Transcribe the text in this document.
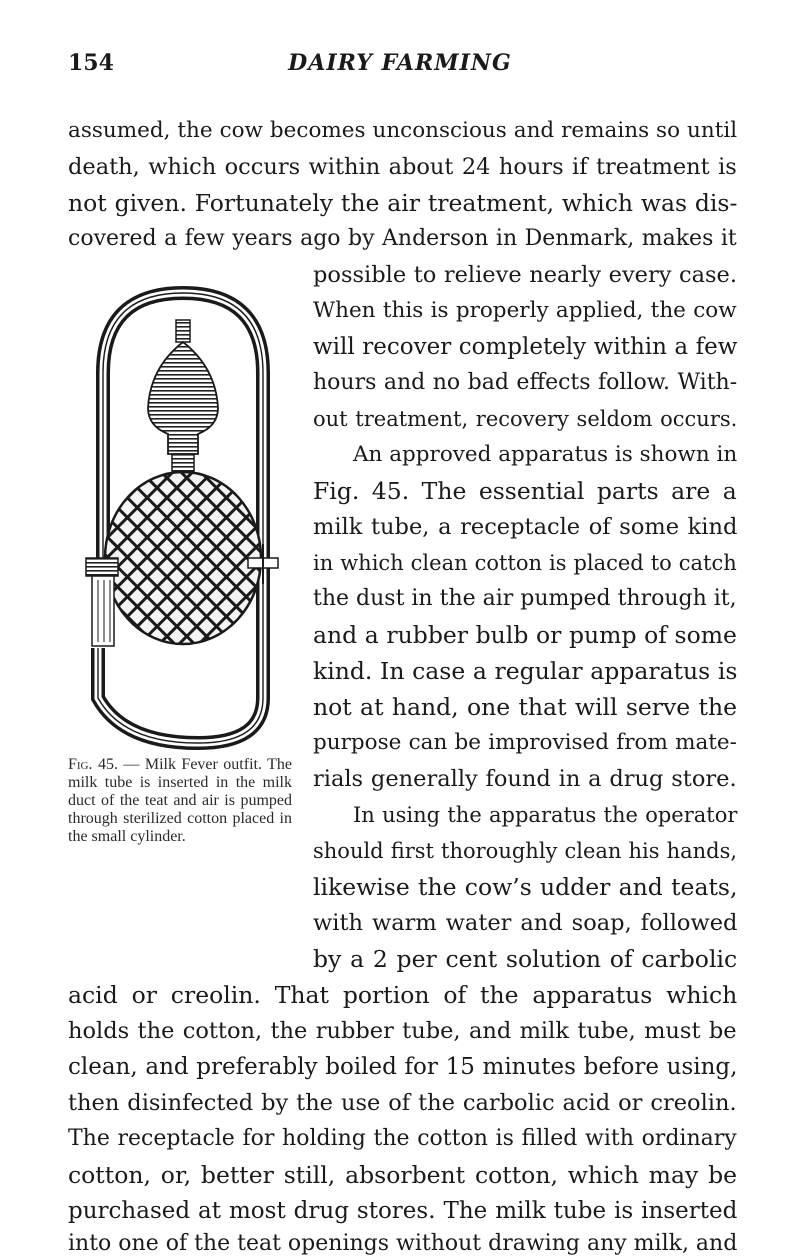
154	DAIRY FARMING

assumed, the cow becomes unconscious and remains so until

death, which occurs within about 24 hours if treatment is

not given. Fortunately the air treatment, which was dis-

covered a few years ago by Anderson in Denmark, makes it

Fig. 45. — Milk Fever outfit. The milk tube is inserted in the milk duct of the teat and air is pumped through sterilized cotton placed in the small cylinder.

possible to relieve nearly every case.

When this is properly applied, the cow

will recover completely within a few

hours and no bad effects follow. With-

out treatment, recovery seldom occurs.

An approved apparatus is shown in

Fig. 45. The essential parts are a

milk tube, a receptacle of some kind

in which clean cotton is placed to catch

the dust in the air pumped through it,

and a rubber bulb or pump of some

kind. In case a regular apparatus is

not at hand, one that will serve the

purpose can be improvised from mate-

rials generally found in a drug store.

In using the apparatus the operator

should first thoroughly clean his hands,

likewise the cow’s udder and teats,

with warm water and soap, followed

by a 2 per cent solution of carbolic

acid or creolin. That portion of the apparatus which

holds the cotton, the rubber tube, and milk tube, must be

clean, and preferably boiled for 15 minutes before using,

then disinfected by the use of the carbolic acid or creolin.

The receptacle for holding the cotton is filled with ordinary

cotton, or, better still, absorbent cotton, which may be

purchased at most drug stores. The milk tube is inserted

into one of the teat openings without drawing any milk, and
